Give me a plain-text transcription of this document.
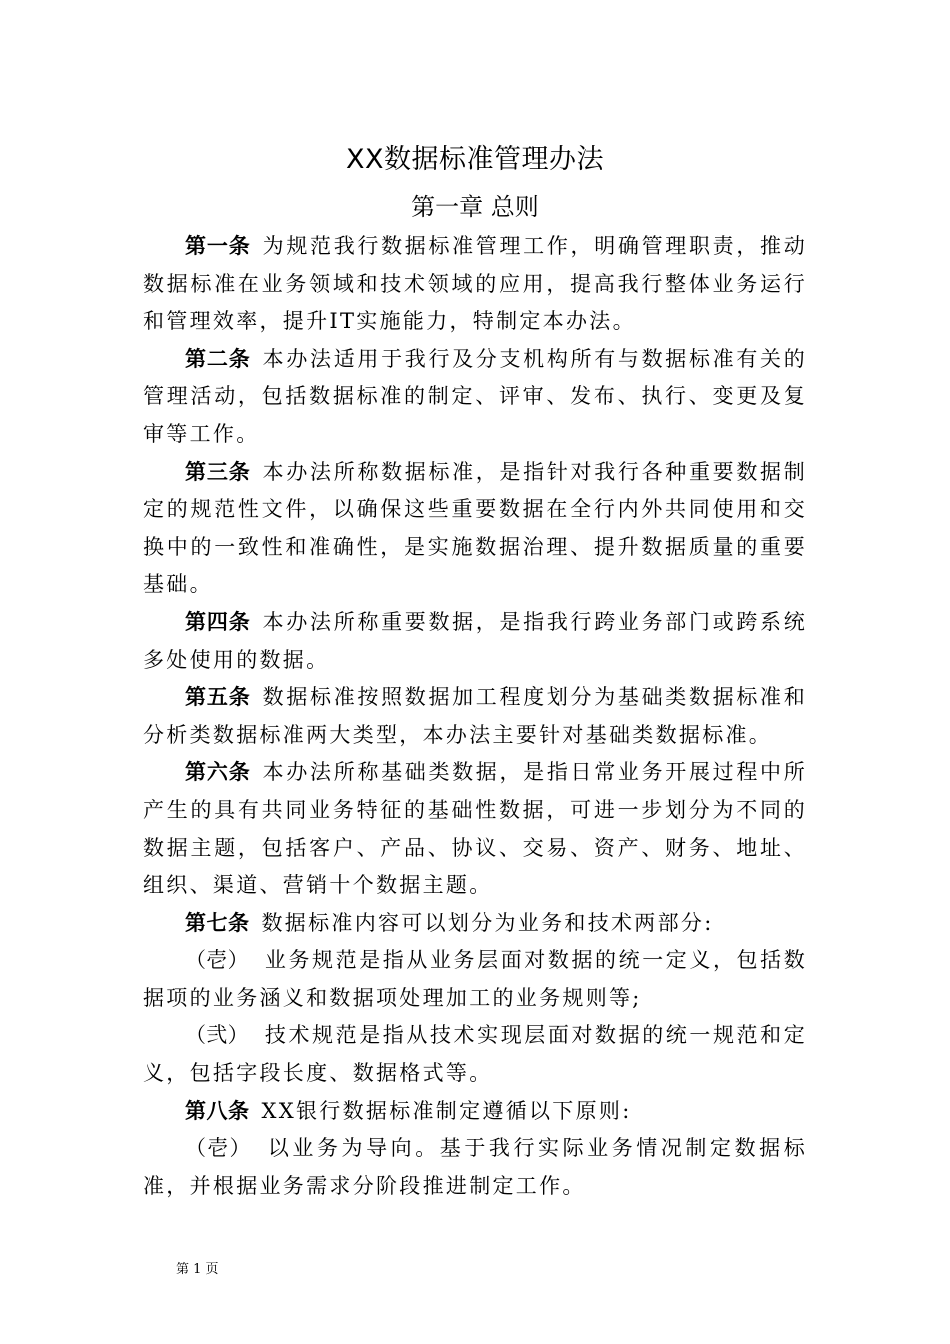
XX数据标准管理办法
第一章 总则

第一条 为规范我行数据标准管理工作，明确管理职责，推动数据标准在业务领域和技术领域的应用，提高我行整体业务运行和管理效率，提升IT实施能力，特制定本办法。

第二条 本办法适用于我行及分支机构所有与数据标准有关的管理活动，包括数据标准的制定、评审、发布、执行、变更及复审等工作。

第三条 本办法所称数据标准，是指针对我行各种重要数据制定的规范性文件，以确保这些重要数据在全行内外共同使用和交换中的一致性和准确性，是实施数据治理、提升数据质量的重要基础。

第四条 本办法所称重要数据，是指我行跨业务部门或跨系统多处使用的数据。

第五条 数据标准按照数据加工程度划分为基础类数据标准和分析类数据标准两大类型，本办法主要针对基础类数据标准。

第六条 本办法所称基础类数据，是指日常业务开展过程中所产生的具有共同业务特征的基础性数据，可进一步划分为不同的数据主题，包括客户、产品、协议、交易、资产、财务、地址、组织、渠道、营销十个数据主题。

第七条 数据标准内容可以划分为业务和技术两部分:

（壱） 业务规范是指从业务层面对数据的统一定义，包括数据项的业务涵义和数据项处理加工的业务规则等;

（弐） 技术规范是指从技术实现层面对数据的统一规范和定义，包括字段长度、数据格式等。

第八条 XX银行数据标准制定遵循以下原则:

（壱） 以业务为导向。基于我行实际业务情况制定数据标准，并根据业务需求分阶段推进制定工作。

第 1 页
